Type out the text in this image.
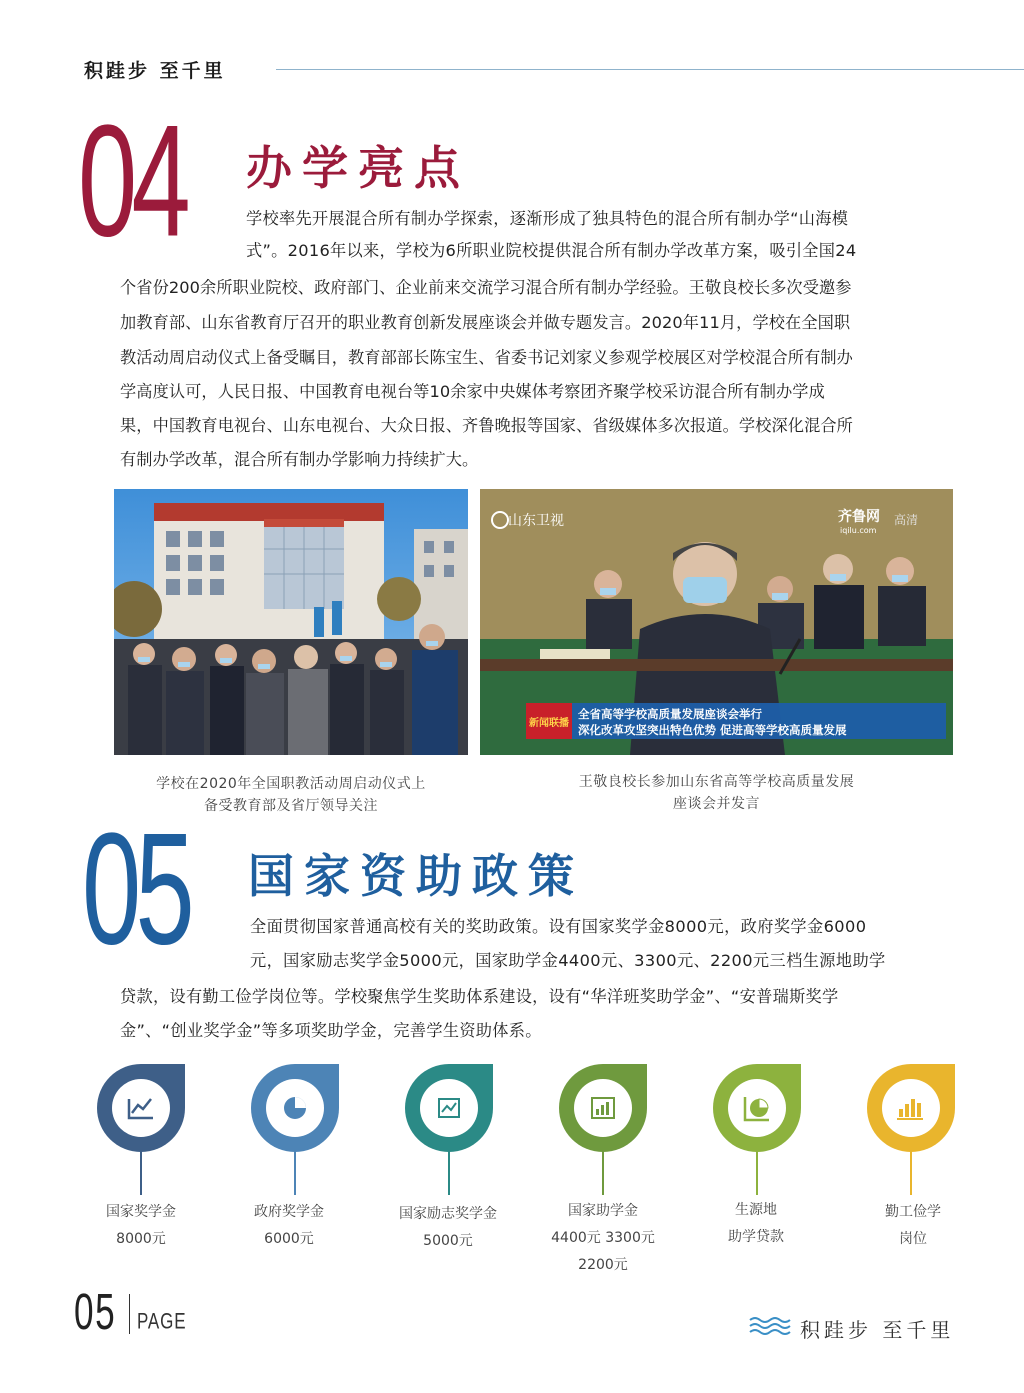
积跬步 至千里
04 办学亮点
学校率先开展混合所有制办学探索，逐渐形成了独具特色的混合所有制办学“山海模
式”。2016年以来，学校为6所职业院校提供混合所有制办学改革方案，吸引全国24
个省份200余所职业院校、政府部门、企业前来交流学习混合所有制办学经验。王敬良校长多次受邀参
加教育部、山东省教育厅召开的职业教育创新发展座谈会并做专题发言。2020年11月，学校在全国职
教活动周启动仪式上备受瞩目，教育部部长陈宝生、省委书记刘家义参观学校展区对学校混合所有制办
学高度认可，人民日报、中国教育电视台等10余家中央媒体考察团齐聚学校采访混合所有制办学成
果，中国教育电视台、山东电视台、大众日报、齐鲁晚报等国家、省级媒体多次报道。学校深化混合所
有制办学改革，混合所有制办学影响力持续扩大。
山东卫视	齐鲁网
iqilu.com
高清
新闻联播
全省高等学校高质量发展座谈会举行
深化改革攻坚突出特色优势 促进高等学校高质量发展
学校在2020年全国职教活动周启动仪式上
备受教育部及省厅领导关注
王敬良校长参加山东省高等学校高质量发展
座谈会并发言
05 国家资助政策
全面贯彻国家普通高校有关的奖助政策。设有国家奖学金8000元，政府奖学金6000
元，国家励志奖学金5000元，国家助学金4400元、3300元、2200元三档生源地助学
贷款，设有勤工俭学岗位等。学校聚焦学生奖助体系建设，设有“华洋班奖助学金”、“安普瑞斯奖学
金”、“创业奖学金”等多项奖助学金，完善学生资助体系。
国家奖学金
8000元
政府奖学金
6000元
国家励志奖学金
5000元
国家助学金
4400元 3300元
2200元
生源地
助学贷款
勤工俭学
岗位
05 PAGE	积跬步 至千里
